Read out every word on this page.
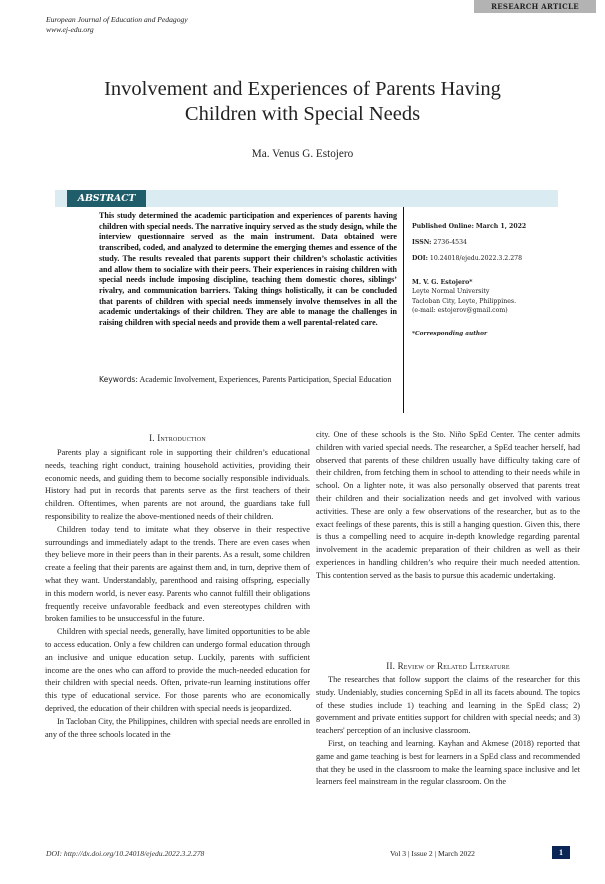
RESEARCH ARTICLE
European Journal of Education and Pedagogy
www.ej-edu.org
Involvement and Experiences of Parents Having
Children with Special Needs
Ma. Venus G. Estojero
ABSTRACT
This study determined the academic participation and experiences of parents having children with special needs. The narrative inquiry served as the study design, while the interview questionnaire served as the main instrument. Data obtained were transcribed, coded, and analyzed to determine the emerging themes and essence of the study. The results revealed that parents support their children’s scholastic activities and allow them to socialize with their peers. Their experiences in raising children with special needs include imposing discipline, teaching them domestic chores, siblings’ rivalry, and communication barriers. Taking things holistically, it can be concluded that parents of children with special needs immensely involve themselves in all the academic undertakings of their children. They are able to manage the challenges in raising children with special needs and provide them a well parental-related care.
Keywords: Academic Involvement, Experiences, Parents Participation, Special Education
Published Online: March 1, 2022
ISSN: 2736-4534
DOI: 10.24018/ejedu.2022.3.2.278
M. V. G. Estojero*
Leyte Normal University
Tacloban City, Leyte, Philippines.
(e-mail: estojerov@gmail.com)
*Corresponding author
I. Introduction

Parents play a significant role in supporting their children’s educational needs, teaching right conduct, training household activities, providing their economic needs, and guiding them to become socially responsible individuals. History had put in records that parents serve as the first teachers of their children. Oftentimes, when parents are not around, the guardians take full responsibility to realize the above-mentioned needs of their children.

Children today tend to imitate what they observe in their respective surroundings and immediately adapt to the trends. There are even cases when they believe more in their peers than in their parents. As a result, some children create a feeling that their parents are against them and, in turn, deprive them of what they want. Understandably, parenthood and raising offspring, especially in this modern world, is never easy. Parents who cannot fulfill their obligations frequently receive unfavorable feedback and even stereotypes children with broken families to be unsuccessful in the future.

Children with special needs, generally, have limited opportunities to be able to access education. Only a few children can undergo formal education through an inclusive and unique education setup. Luckily, parents with sufficient income are the ones who can afford to provide the much-needed education for their children with special needs. Often, private-run learning institutions offer this type of educational service. For those parents who are economically deprived, the education of their children with special needs is jeopardized.

In Tacloban City, the Philippines, children with special needs are enrolled in any of the three schools located in the

city. One of these schools is the Sto. Niño SpEd Center. The center admits children with varied special needs. The researcher, a SpEd teacher herself, had observed that parents of these children usually have difficulty taking care of their children, from fetching them in school to attending to their needs while in school. On a lighter note, it was also personally observed that parents treat their children and their socialization needs and get involved with various activities. These are only a few observations of the researcher, but as to the exact feelings of these parents, this is still a hanging question. Given this, there is thus a compelling need to acquire in-depth knowledge regarding parental involvement in the academic preparation of their children as well as their experiences in handling children’s who require their much needed attention. This contention served as the basis to pursue this academic undertaking.

II. Review of Related Literature

The researches that follow support the claims of the researcher for this study. Undeniably, studies concerning SpEd in all its facets abound. The topics of these studies include 1) teaching and learning in the SpEd class; 2) government and private entities support for children with special needs; and 3) teachers' perception of an inclusive classroom.

First, on teaching and learning. Kayhan and Akmese (2018) reported that game and game teaching is best for learners in a SpEd class and recommended that they be used in the classroom to make the learning space inclusive and let learners feel mainstream in the regular classroom. On the

DOI: http://dx.doi.org/10.24018/ejedu.2022.3.2.278	Vol 3 | Issue 2 | March 2022	1
